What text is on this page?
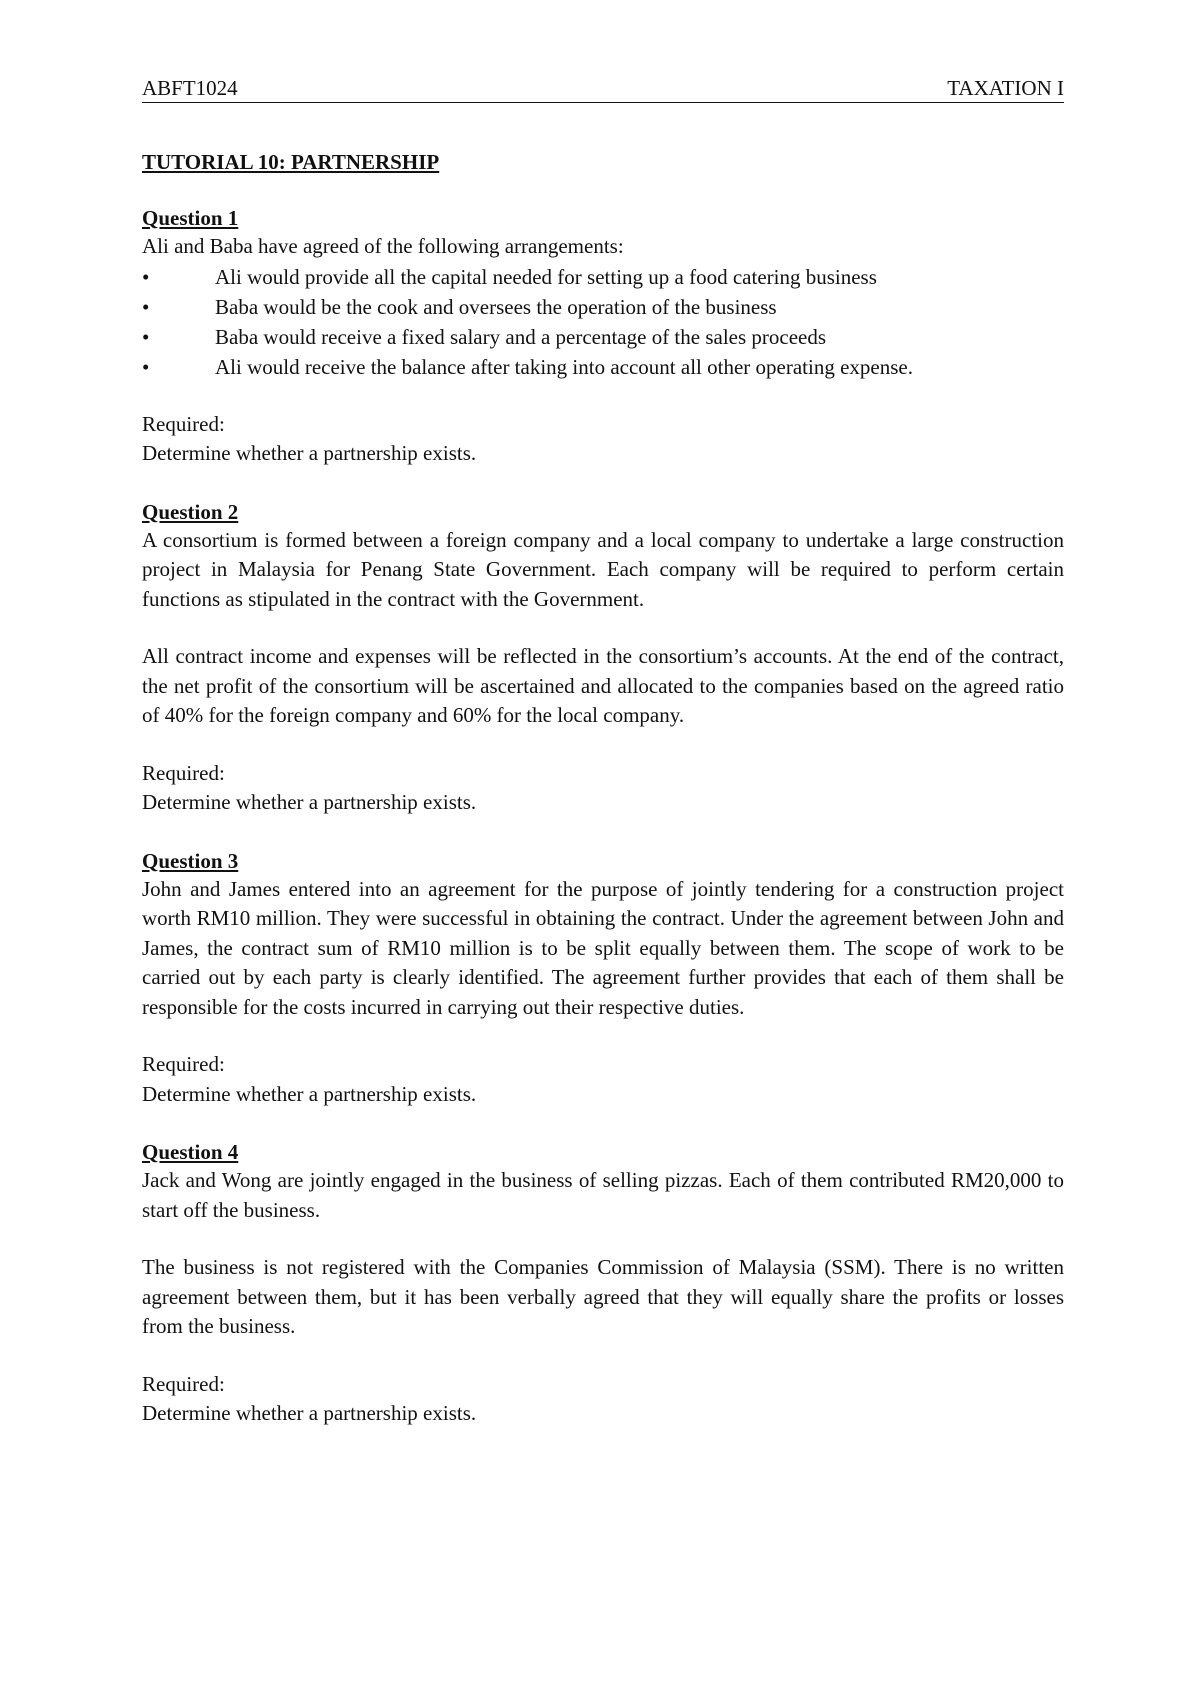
ABFT1024	TAXATION I
TUTORIAL 10: PARTNERSHIP
Question 1

Ali and Baba have agreed of the following arrangements:

•	Ali would provide all the capital needed for setting up a food catering business
•	Baba would be the cook and oversees the operation of the business
•	Baba would receive a fixed salary and a percentage of the sales proceeds
•	Ali would receive the balance after taking into account all other operating expense.

Required:

Determine whether a partnership exists.

Question 2

A consortium is formed between a foreign company and a local company to undertake a large construction project in Malaysia for Penang State Government. Each company will be required to perform certain functions as stipulated in the contract with the Government.

All contract income and expenses will be reflected in the consortium’s accounts. At the end of the contract, the net profit of the consortium will be ascertained and allocated to the companies based on the agreed ratio of 40% for the foreign company and 60% for the local company.

Required:

Determine whether a partnership exists.

Question 3

John and James entered into an agreement for the purpose of jointly tendering for a construction project worth RM10 million. They were successful in obtaining the contract. Under the agreement between John and James, the contract sum of RM10 million is to be split equally between them. The scope of work to be carried out by each party is clearly identified. The agreement further provides that each of them shall be responsible for the costs incurred in carrying out their respective duties.

Required:

Determine whether a partnership exists.

Question 4

Jack and Wong are jointly engaged in the business of selling pizzas. Each of them contributed RM20,000 to start off the business.

The business is not registered with the Companies Commission of Malaysia (SSM). There is no written agreement between them, but it has been verbally agreed that they will equally share the profits or losses from the business.

Required:

Determine whether a partnership exists.
